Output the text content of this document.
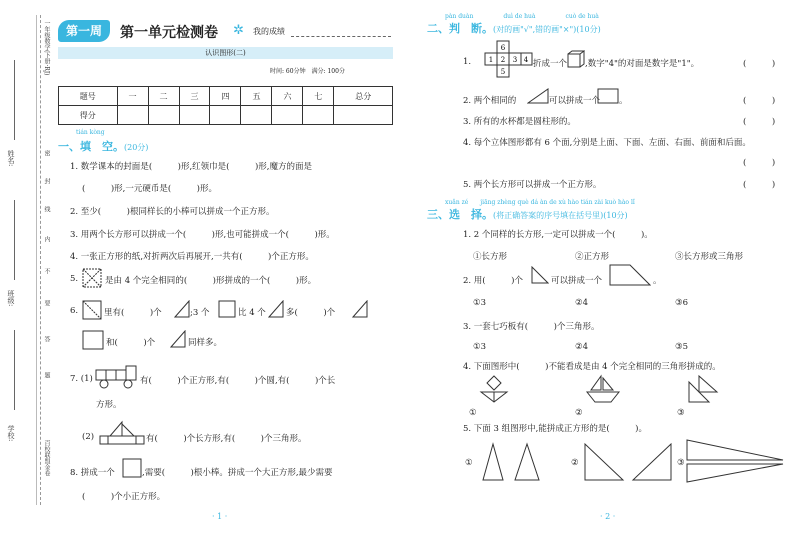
一年级数学(下册·RJ)
姓名:
班级:
学校:
密
封
线
内
不
要
答
题
百校联盟金卷
第一周	第一单元检测卷 ✲ 我的成绩
认识图形(二)
时间: 60分钟　满分: 100分
题号	一	二	三	四	五	六	七	总分
得分								
tián kòng
一、填　空。(20分)
1. 数学课本的封面是(　　　)形,红领巾是(　　　)形,魔方的面是
(　　　)形,一元硬币是(　　　)形。
2. 至少(　　　)根同样长的小棒可以拼成一个正方形。
3. 用两个长方形可以拼成一个(　　　)形,也可能拼成一个(　　　)形。
4. 一张正方形的纸,对折两次后再展开,一共有(　　　)个正方形。
5.	是由 4 个完全相同的(　　　)形拼成的一个(　　　)形。
6.	里有(　　　)个	;3 个	比 4 个 多(　　　)个
和(　　　)个	同样多。
7. (1)	有(　　　)个正方形,有(　　　)个圆,有(　　　)个长
方形。
(2)	有(　　　)个长方形,有(　　　)个三角形。
8. 拼成一个	,需要(　　　)根小棒。拼成一个大正方形,最少需要
(　　　)个小正方形。
· 1 ·
pàn duàn　　　　　duì de huà　　　　　cuò de huà
二、判　断。(对的画"√",错的画"×")(10分)
1.
6
1 2 3 4
5
折成一个 ,数字"4"的对面是数字是"1"。	(　　　)
2. 两个相同的	可以拼成一个 。	(　　　)
3. 所有的水杯都是圆柱形的。	(　　　)
4. 每个立体图形都有 6 个面,分别是上面、下面、左面、右面、前面和后面。
(　　　)
5. 两个长方形可以拼成一个正方形。	(　　　)
xuǎn zé　　jiāng zhèng què dá àn de xù hào tián zài kuò hào lǐ
三、选　择。(将正确答案的序号填在括号里)(10分)
1. 2 个同样的长方形,一定可以拼成一个(　　　)。
①长方形	②正方形	③长方形或三角形
2. 用(　　　)个	可以拼成一个	。
①3	②4	③6
3. 一套七巧板有(　　　)个三角形。
①3	②4	③5
4. 下面图形中(　　　)不能看成是由 4 个完全相同的三角形拼成的。
①	②	③
5. 下面 3 组图形中,能拼成正方形的是(　　　)。
①	②	③
· 2 ·
